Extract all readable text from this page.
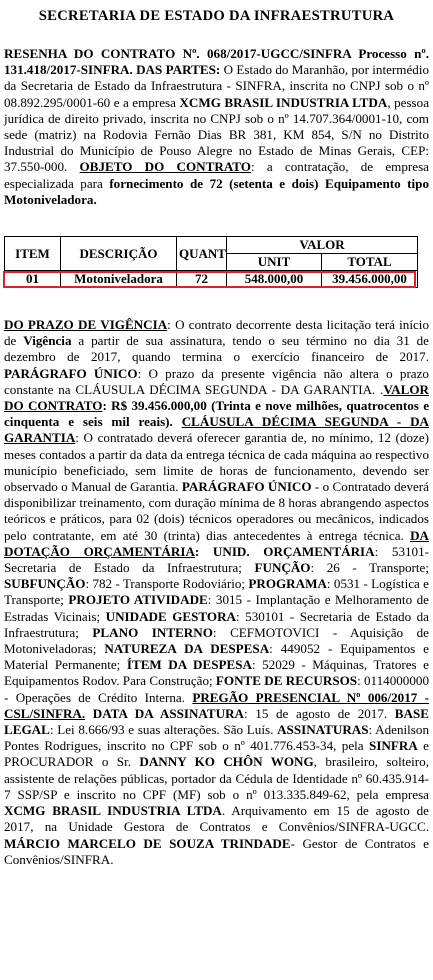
SECRETARIA DE ESTADO DA INFRAESTRUTURA
RESENHA DO CONTRATO Nº. 068/2017-UGCC/SINFRA Processo nº. 131.418/2017-SINFRA. DAS PARTES: O Estado do Maranhão, por intermédio da Secretaria de Estado da Infraestrutura - SINFRA, inscrita no CNPJ sob o nº 08.892.295/0001-60 e a empresa XCMG BRASIL INDUSTRIA LTDA, pessoa jurídica de direito privado, inscrita no CNPJ sob o nº 14.707.364/0001-10, com sede (matriz) na Rodovia Fernão Dias BR 381, KM 854, S/N no Distrito Industrial do Município de Pouso Alegre no Estado de Minas Gerais, CEP: 37.550-000. OBJETO DO CONTRATO: a contratação, de empresa especializada para fornecimento de 72 (setenta e dois) Equipamento tipo Motoniveladora.
ITEM	DESCRIÇÃO	QUANT	VALOR	
			UNIT	TOTAL
01	Motoniveladora	72	548.000,00	39.456.000,00
DO PRAZO DE VIGÊNCIA: O contrato decorrente desta licitação terá início de Vigência a partir de sua assinatura, tendo o seu término no dia 31 de dezembro de 2017, quando termina o exercício financeiro de 2017. PARÁGRAFO ÚNICO: O prazo da presente vigência não altera o prazo constante na CLÁUSULA DÉCIMA SEGUNDA - DA GARANTIA. .VALOR DO CONTRATO: R$ 39.456.000,00 (Trinta e nove milhões, quatrocentos e cinquenta e seis mil reais). CLÁUSULA DÉCIMA SEGUNDA - DA GARANTIA: O contratado deverá oferecer garantia de, no mínimo, 12 (doze) meses contados a partir da data da entrega técnica de cada máquina ao respectivo município beneficiado, sem limite de horas de funcionamento, devendo ser observado o Manual de Garantia. PARÁGRAFO ÚNICO - o Contratado deverá disponibilizar treinamento, com duração mínima de 8 horas abrangendo aspectos teóricos e práticos, para 02 (dois) técnicos operadores ou mecânicos, indicados pelo contratante, em até 30 (trinta) dias antecedentes à entrega técnica. DA DOTAÇÃO ORÇAMENTÁRIA: UNID. ORÇAMENTÁRIA: 53101- Secretaria de Estado da Infraestrutura; FUNÇÃO: 26 - Transporte; SUBFUNÇÃO: 782 - Transporte Rodoviário; PROGRAMA: 0531 - Logística e Transporte; PROJETO ATIVIDADE: 3015 - Implantação e Melhoramento de Estradas Vicinais; UNIDADE GESTORA: 530101 - Secretaria de Estado da Infraestrutura; PLANO INTERNO: CEFMOTOVICI - Aquisição de Motoniveladoras; NATUREZA DA DESPESA: 449052 - Equipamentos e Material Permanente; ÍTEM DA DESPESA: 52029 - Máquinas, Tratores e Equipamentos Rodov. Para Construção; FONTE DE RECURSOS: 0114000000 - Operações de Crédito Interna. PREGÃO PRESENCIAL Nº 006/2017 - CSL/SINFRA. DATA DA ASSINATURA: 15 de agosto de 2017. BASE LEGAL: Lei 8.666/93 e suas alterações. São Luís. ASSINATURAS: Adenilson Pontes Rodrigues, inscrito no CPF sob o nº 401.776.453-34, pela SINFRA e PROCURADOR o Sr. DANNY KO CHÔN WONG, brasileiro, solteiro, assistente de relações públicas, portador da Cédula de Identidade nº 60.435.914-7 SSP/SP e inscrito no CPF (MF) sob o nº 013.335.849-62, pela empresa XCMG BRASIL INDUSTRIA LTDA. Arquivamento em 15 de agosto de 2017, na Unidade Gestora de Contratos e Convênios/SINFRA-UGCC. MÁRCIO MARCELO DE SOUZA TRINDADE- Gestor de Contratos e Convênios/SINFRA.
